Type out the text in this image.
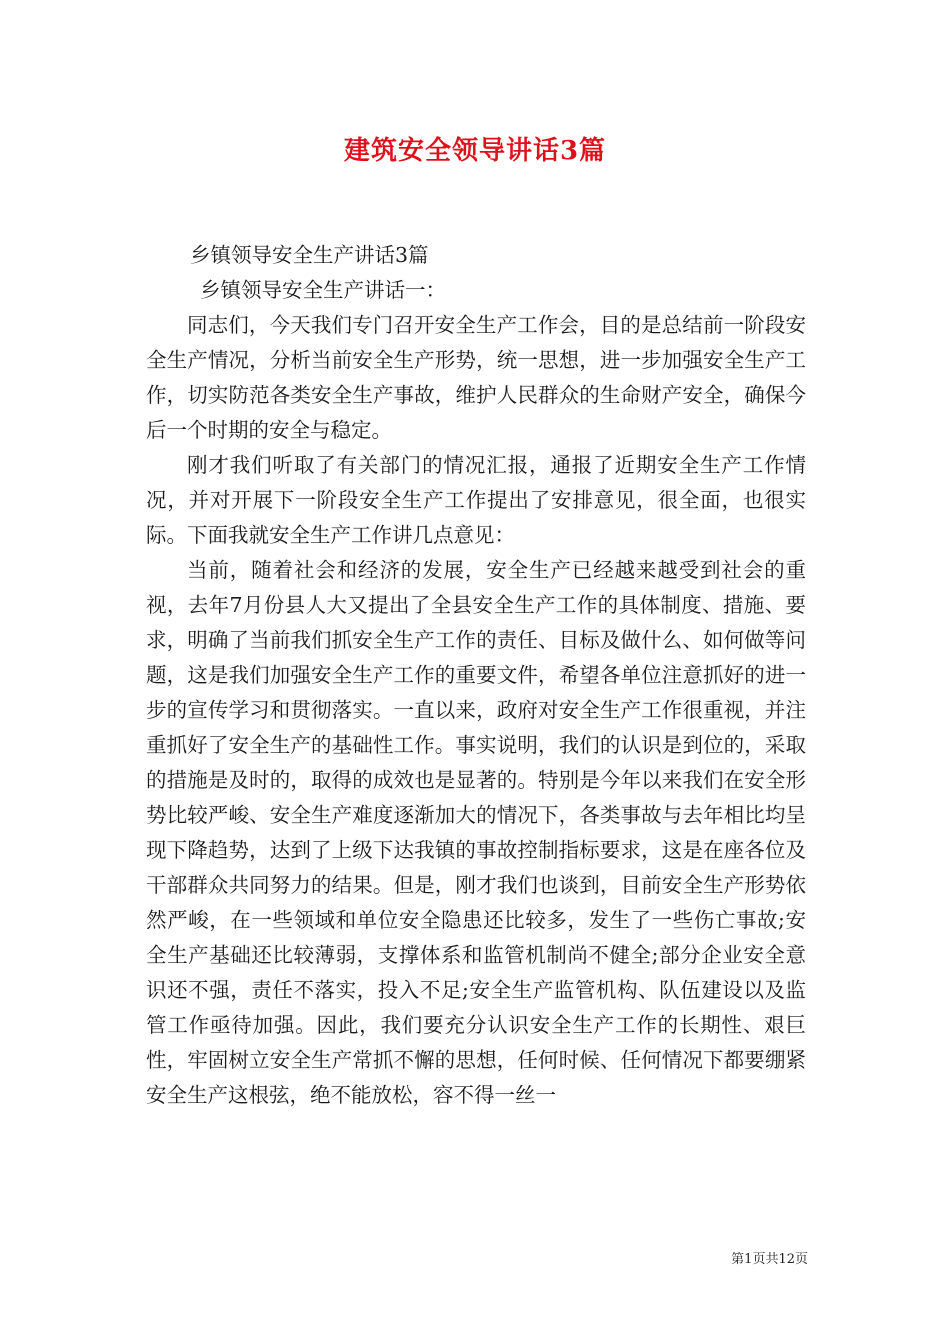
建筑安全领导讲话3篇

乡镇领导安全生产讲话3篇

乡镇领导安全生产讲话一：

同志们，今天我们专门召开安全生产工作会，目的是总结前一阶段安全生产情况，分析当前安全生产形势，统一思想，进一步加强安全生产工作，切实防范各类安全生产事故，维护人民群众的生命财产安全，确保今后一个时期的安全与稳定。

刚才我们听取了有关部门的情况汇报，通报了近期安全生产工作情况，并对开展下一阶段安全生产工作提出了安排意见，很全面，也很实际。下面我就安全生产工作讲几点意见：

当前，随着社会和经济的发展，安全生产已经越来越受到社会的重视，去年7月份县人大又提出了全县安全生产工作的具体制度、措施、要求，明确了当前我们抓安全生产工作的责任、目标及做什么、如何做等问题，这是我们加强安全生产工作的重要文件，希望各单位注意抓好的进一步的宣传学习和贯彻落实。一直以来，政府对安全生产工作很重视，并注重抓好了安全生产的基础性工作。事实说明，我们的认识是到位的，采取的措施是及时的，取得的成效也是显著的。特别是今年以来我们在安全形势比较严峻、安全生产难度逐渐加大的情况下，各类事故与去年相比均呈现下降趋势，达到了上级下达我镇的事故控制指标要求，这是在座各位及干部群众共同努力的结果。但是，刚才我们也谈到，目前安全生产形势依然严峻，在一些领域和单位安全隐患还比较多，发生了一些伤亡事故;安全生产基础还比较薄弱，支撑体系和监管机制尚不健全;部分企业安全意识还不强，责任不落实，投入不足;安全生产监管机构、队伍建设以及监管工作亟待加强。因此，我们要充分认识安全生产工作的长期性、艰巨性，牢固树立安全生产常抓不懈的思想，任何时候、任何情况下都要绷紧安全生产这根弦，绝不能放松，容不得一丝一

第1页共12页
